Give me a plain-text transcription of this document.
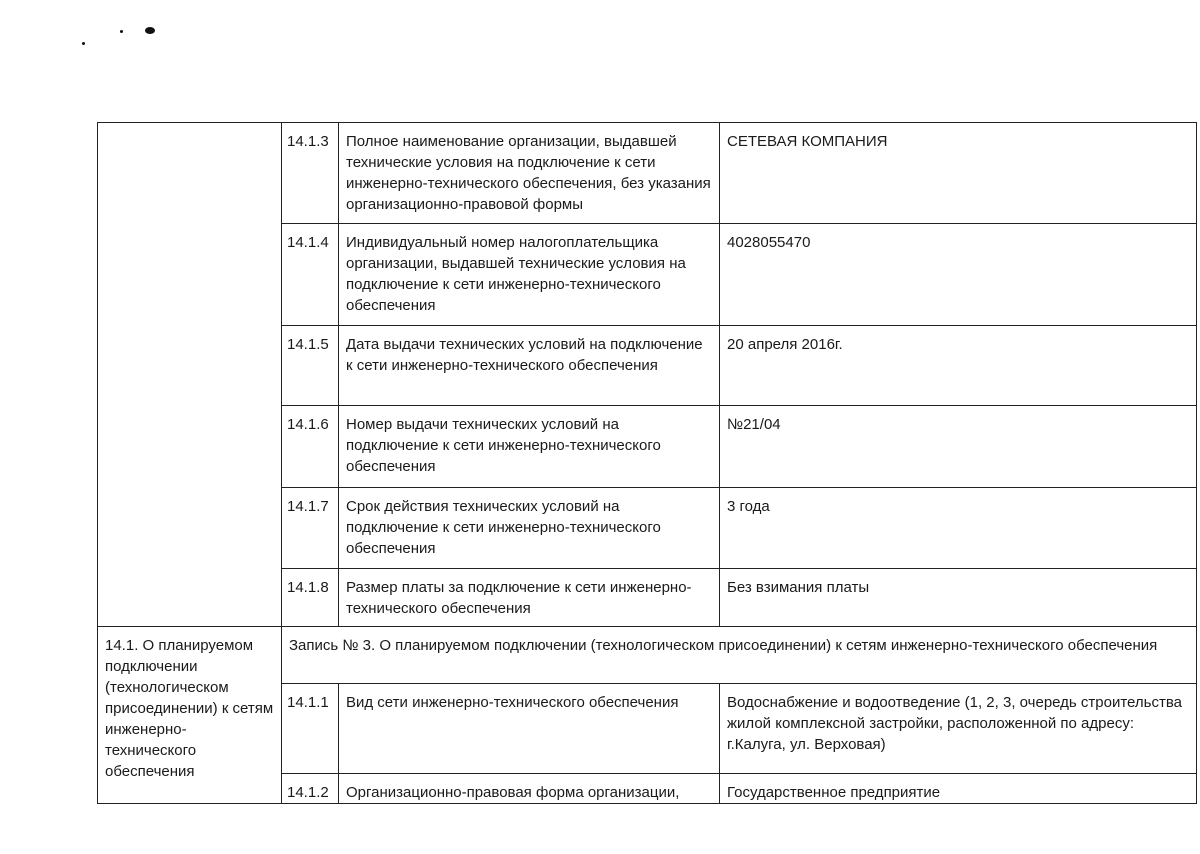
	14.1.3	Полное наименование организации, выдавшей технические условия на подключение к сети инженерно-технического обеспечения, без указания организационно-правовой формы	СЕТЕВАЯ КОМПАНИЯ
	14.1.4	Индивидуальный номер налогоплательщика организации, выдавшей технические условия на подключение к сети инженерно-технического обеспечения	4028055470
	14.1.5	Дата выдачи технических условий на подключение к сети инженерно-технического обеспечения	20 апреля 2016г.
	14.1.6	Номер выдачи технических условий на подключение к сети инженерно-технического обеспечения	№21/04
	14.1.7	Срок действия технических условий на подключение к сети инженерно-технического обеспечения	3 года
	14.1.8	Размер платы за подключение к сети инженерно-технического обеспечения	Без взимания платы
14.1. О планируемом подключении (технологическом присоединении) к сетям инженерно-технического обеспечения	Запись № 3. О планируемом подключении (технологическом присоединении) к сетям инженерно-технического обеспечения		
	14.1.1	Вид сети инженерно-технического обеспечения	Водоснабжение и водоотведение (1, 2, 3, очередь строительства жилой комплексной застройки, расположенной по адресу: г.Калуга, ул. Верховая)
	14.1.2	Организационно-правовая форма организации,	Государственное предприятие
